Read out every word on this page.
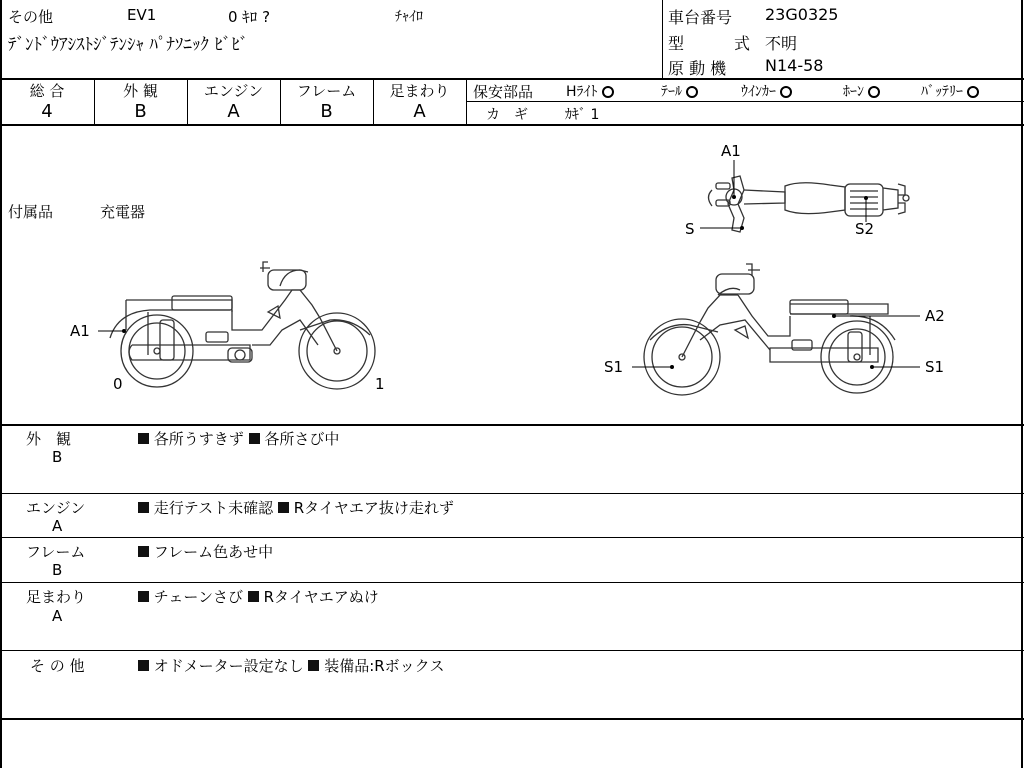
その他	EV1	0 ｷﾛ ?	ﾁｬｲﾛ
ﾃﾞﾝﾄﾞｳｱｼｽﾄｼﾞﾃﾝｼｬ ﾊﾟﾅｿﾆｯｸ ﾋﾞﾋﾞ
車台番号 23G0325
型	式 不明
原 動 機 N14-58
総 合	外 観	エンジン	フレーム	足まわり
4	B	A	B	A
保安部品 Hﾗｲﾄ	ﾃｰﾙ	ｳｲﾝｶｰ	ﾎｰﾝ	ﾊﾞｯﾃﾘｰ
カ　ギ	ｶｷﾞ 1
付属品	充電器
A1
S	S2
A1
0	1
A2
S1	S1
外　観
B
各所うすきず 各所さび中
エンジン
A
走行テスト未確認 Rタイヤエア抜け走れず
フレーム
B
フレーム色あせ中
足まわり
A
チェーンさび Rタイヤエアぬけ
そ の 他	オドメーター設定なし 装備品:Rボックス
